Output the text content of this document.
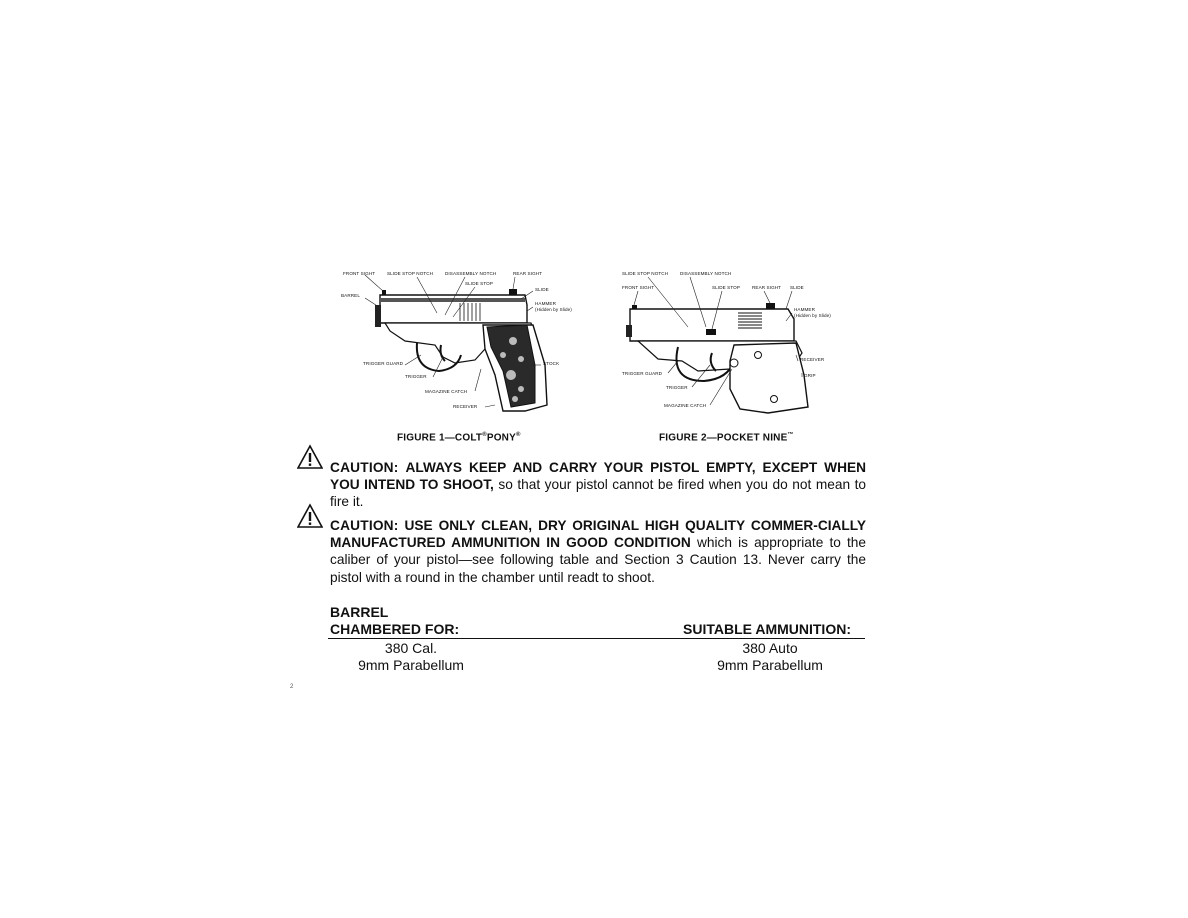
FRONT SIGHT	SLIDE STOP NOTCH	DISASSEMBLY NOTCH	REAR SIGHT
SLIDE STOP
SLIDE
BARREL
HAMMER
(Hidden by Slide)
TRIGGER GUARD	STOCK
TRIGGER
MAGAZINE CATCH
RECEIVER
FIGURE 1—COLT®PONY®
SLIDE STOP NOTCH	DISASSEMBLY NOTCH
FRONT SIGHT	SLIDE STOP	REAR SIGHT SLIDE
HAMMER
(Hidden by Slide)
RECEIVER
GRIP
TRIGGER GUARD
TRIGGER
MAGAZINE CATCH
FIGURE 2—POCKET NINE™
CAUTION: ALWAYS KEEP AND CARRY YOUR PISTOL EMPTY, EXCEPT WHEN YOU INTEND TO SHOOT, so that your pistol cannot be fired when you do not mean to fire it.
CAUTION: USE ONLY CLEAN, DRY ORIGINAL HIGH QUALITY COMMER-CIALLY MANUFACTURED AMMUNITION IN GOOD CONDITION which is appropriate to the caliber of your pistol—see following table and Section 3 Caution 13. Never carry the pistol with a round in the chamber until readt to shoot.
BARREL
CHAMBERED FOR:	SUITABLE AMMUNITION:
380 Cal.	380 Auto
9mm Parabellum	9mm Parabellum
2
